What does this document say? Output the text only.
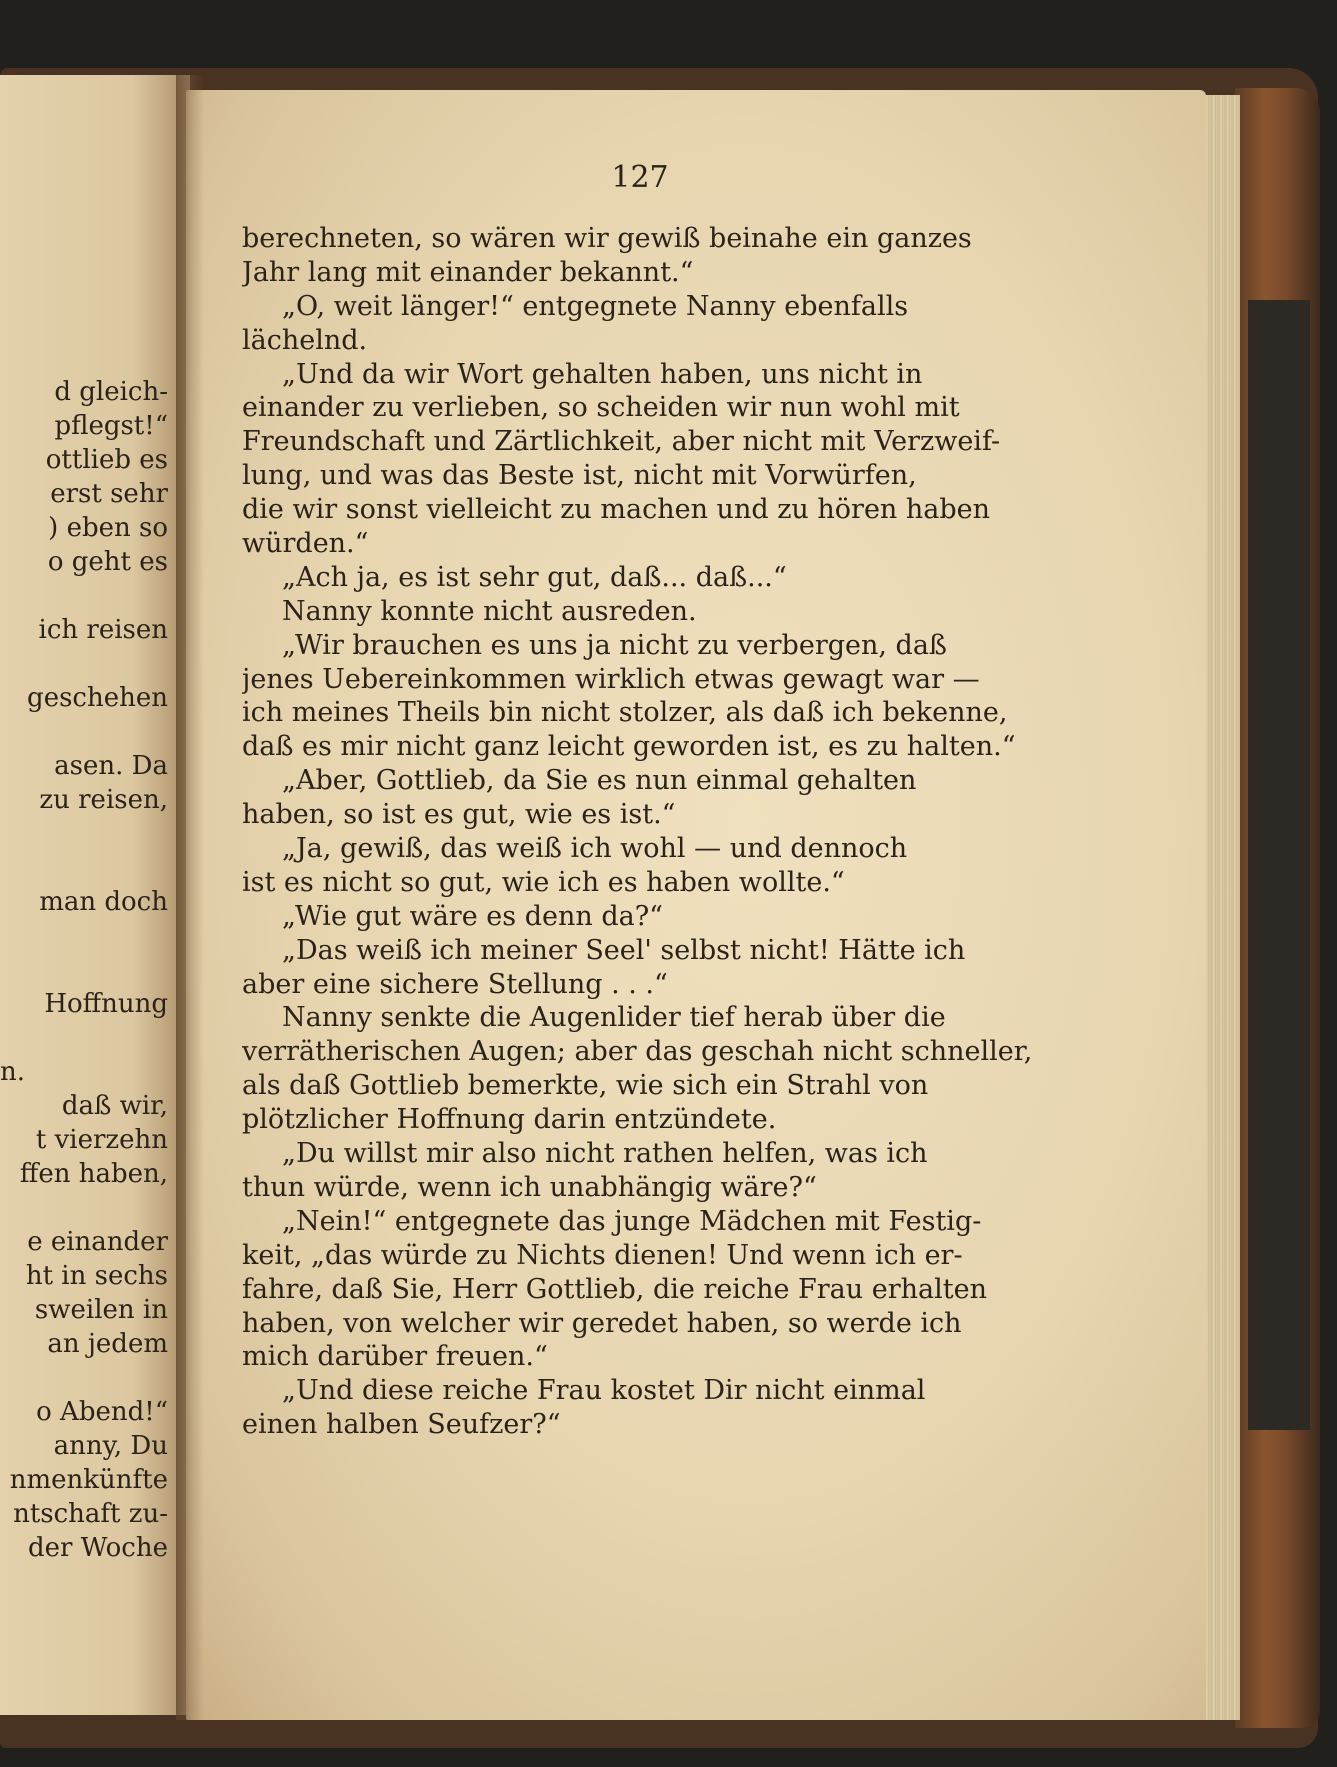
d gleich-
pflegst!“
ottlieb es
erst sehr
) eben so
o geht es
ich reisen
geschehen
asen. Da
zu reisen,
man doch
Hoffnung
n.
daß wir,
t vierzehn
ffen haben,
e einander
ht in sechs
sweilen in
an jedem
o Abend!“
anny, Du
nmenkünfte
ntschaft zu-
der Woche
127
berechneten, so wären wir gewiß beinahe ein ganzes
Jahr lang mit einander bekannt.“
„O, weit länger!“ entgegnete Nanny ebenfalls
lächelnd.
„Und da wir Wort gehalten haben, uns nicht in
einander zu verlieben, so scheiden wir nun wohl mit
Freundschaft und Zärtlichkeit, aber nicht mit Verzweif-
lung, und was das Beste ist, nicht mit Vorwürfen,
die wir sonst vielleicht zu machen und zu hören haben
würden.“
„Ach ja, es ist sehr gut, daß... daß...“
Nanny konnte nicht ausreden.
„Wir brauchen es uns ja nicht zu verbergen, daß
jenes Uebereinkommen wirklich etwas gewagt war —
ich meines Theils bin nicht stolzer, als daß ich bekenne,
daß es mir nicht ganz leicht geworden ist, es zu halten.“
„Aber, Gottlieb, da Sie es nun einmal gehalten
haben, so ist es gut, wie es ist.“
„Ja, gewiß, das weiß ich wohl — und dennoch
ist es nicht so gut, wie ich es haben wollte.“
„Wie gut wäre es denn da?“
„Das weiß ich meiner Seel' selbst nicht! Hätte ich
aber eine sichere Stellung . . .“
Nanny senkte die Augenlider tief herab über die
verrätherischen Augen; aber das geschah nicht schneller,
als daß Gottlieb bemerkte, wie sich ein Strahl von
plötzlicher Hoffnung darin entzündete.
„Du willst mir also nicht rathen helfen, was ich
thun würde, wenn ich unabhängig wäre?“
„Nein!“ entgegnete das junge Mädchen mit Festig-
keit, „das würde zu Nichts dienen! Und wenn ich er-
fahre, daß Sie, Herr Gottlieb, die reiche Frau erhalten
haben, von welcher wir geredet haben, so werde ich
mich darüber freuen.“
„Und diese reiche Frau kostet Dir nicht einmal
einen halben Seufzer?“
